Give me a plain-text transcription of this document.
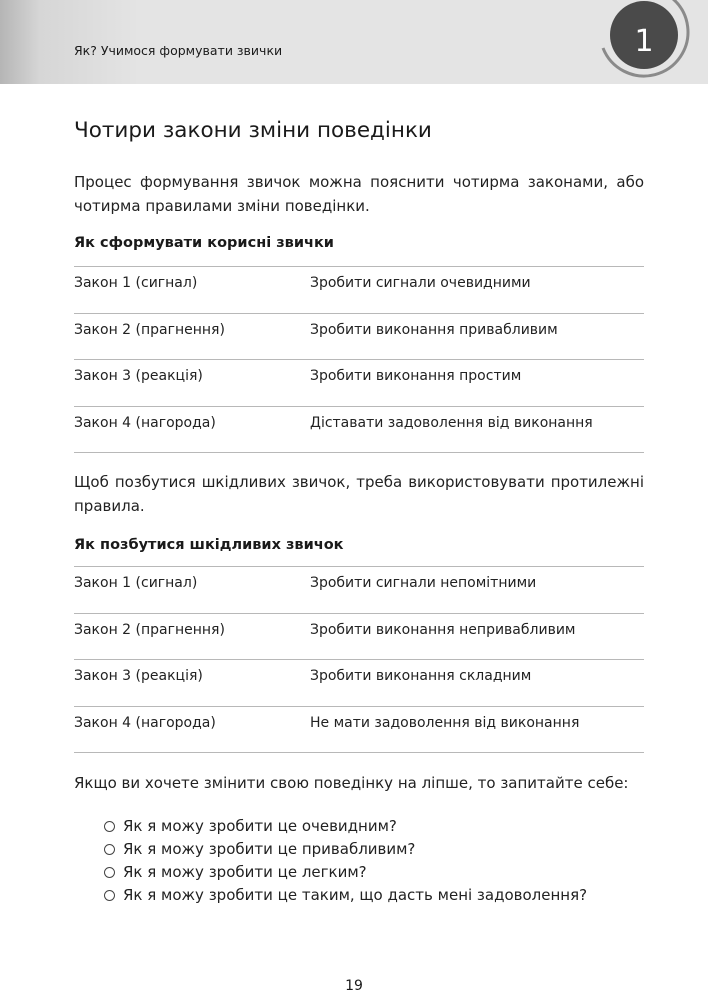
Як? Учимося формувати звички	1
Чотири закони зміни поведінки
Процес формування звичок можна пояснити чотирма законами, або чотирма правилами зміни поведінки.
Як сформувати корисні звички
Закон 1 (сигнал)	Зробити сигнали очевидними
Закон 2 (прагнення)	Зробити виконання привабливим
Закон 3 (реакція)	Зробити виконання простим
Закон 4 (нагорода)	Діставати задоволення від виконання
Щоб позбутися шкідливих звичок, треба використовувати протилежні правила.
Як позбутися шкідливих звичок
Закон 1 (сигнал)	Зробити сигнали непомітними
Закон 2 (прагнення)	Зробити виконання непривабливим
Закон 3 (реакція)	Зробити виконання складним
Закон 4 (нагорода)	Не мати задоволення від виконання
Якщо ви хочете змінити свою поведінку на ліпше, то запитайте себе:
Як я можу зробити це очевидним?
Як я можу зробити це привабливим?
Як я можу зробити це легким?
Як я можу зробити це таким, що дасть мені задоволення?
19
